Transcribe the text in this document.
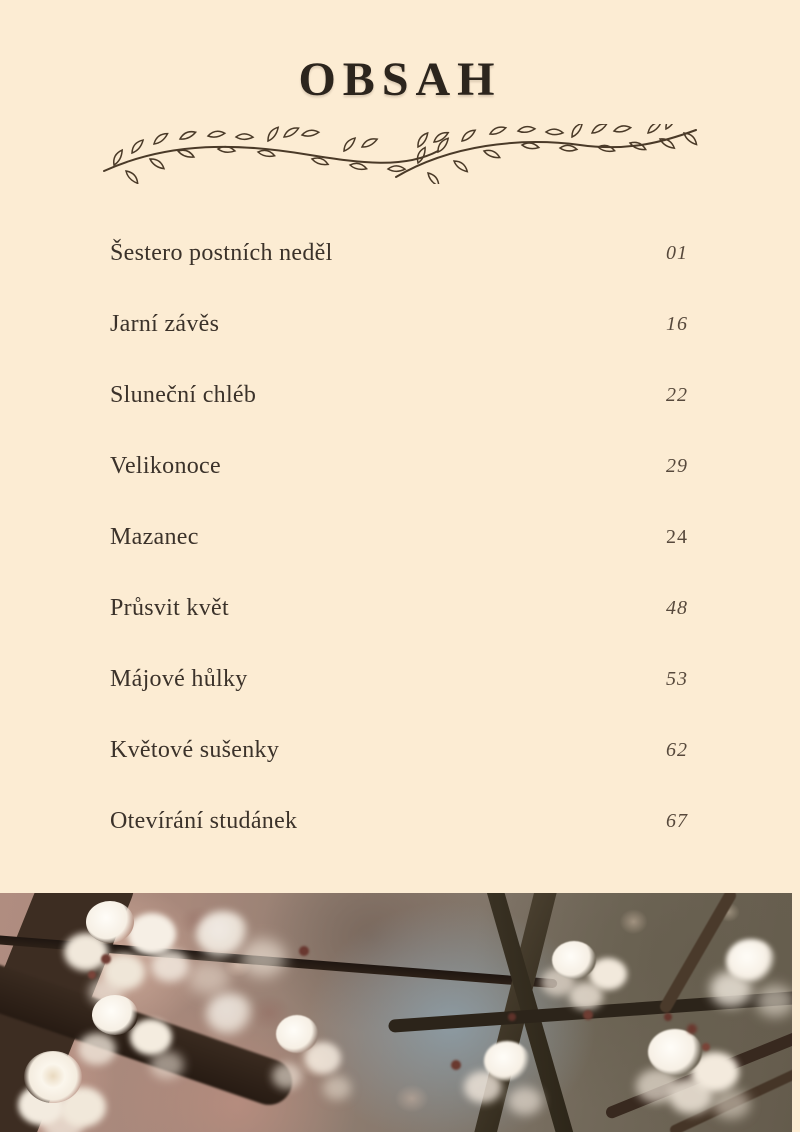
OBSAH
Šestero postních neděl	01
Jarní závěs	16
Sluneční chléb	22
Velikonoce	29
Mazanec	24
Průsvit květ	48
Májové hůlky	53
Květové sušenky	62
Otevírání studánek	67
